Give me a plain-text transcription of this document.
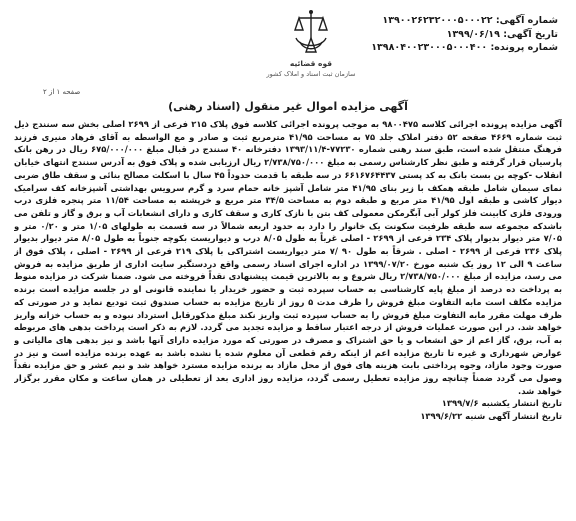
شماره آگهی: ۱۳۹۰۰۲۶۲۳۲۰۰۰۵۰۰۰۲۲
تاریخ آگهی: ۱۳۹۹/۰۶/۱۹
شماره پرونده: ۱۳۹۸۰۴۰۰۲۳۰۰۰۵۰۰۰۴۰۰
قوه قضائیه
سازمان ثبت اسناد و املاک کشور
صفحه ۱ از ۲
آگهی مزایده اموال غیر منقول (اسناد رهنی)

آگهی مزایده پرونده اجرائی کلاسه ۹۸۰۰۴۷۵ به موجب پرونده اجرائی کلاسه فوق پلاک ۲۱۵ فرعی از ۲۶۹۹ اصلی بخش سه سنندج ذیل ثبت شماره ۴۶۶۹ صفحه ۵۲ دفتر املاک جلد ۷۵ به مساحت ۴۱/۹۵ مترمربع ثبت و صادر و مع الواسطه به آقای فرهاد منیری فرزند فرهنگ منتقل شده است، طبق سند رهنی شماره ۷۷۲۳۰-۱۳۹۳/۱۱/۴ دفترخانه ۴۰ سنندج در قبال مبلغ ۶۷۵/۰۰۰/۰۰۰ ریال در رهن بانک پارسیان قرار گرفته و طبق نظر کارشناس رسمی به مبلغ ۲/۷۳۸/۷۵۰/۰۰۰ ریال ارزیابی شده و پلاک فوق به آدرس سنندج انتهای خیابان انقلاب -کوچه بن بست بانک به کد پستی ۶۶۱۶۷۶۴۴۳۷ در سه طبقه با قدمت حدوداً ۴۵ سال با اسکلت مصالح بنائی و سقف طاق ضربی نمای سیمان شامل طبقه همکف با زیر بنای ۴۱/۹۵ متر شامل آشپز خانه حمام سرد و گرم سرویس بهداشتی آشپزخانه کف سرامیک دیوار کاشی و طبقه اول ۴۱/۹۵ متر مربع و طبقه دوم به مساحت ۳۴/۵ متر مربع و خرپشته به مساحت ۱۱/۵۴ متر پنجره فلزی درب ورودی فلزی کابینت فلز کولر آبی آبگرمکن معمولی کف بتن با نازک کاری و سقف کاری و دارای انشعابات آب و برق و گاز و تلفن می باشدکه مجموعه سه طبقه ظرفیت سکونت یک خانوار را دارد به حدود اربعه شمالاً در سه قسمت به طولهای ۱/۰۵ متر و ۰/۲۰ متر و ۷/۰۵ متر دیوار بدیوار پلاک ۲۳۴ فرعی از ۲۶۹۹ - اصلی غرباً به طول ۸/۰۵ درب و دیواریست بکوچه جنوباً به طول ۸/۰۵ متر دیوار بدیوار پلاک ۲۳۶ فرعی از ۲۶۹۹ - اصلی . شرقاً به طول ۹۰ /۷ متر دیواریست اشتراکی با پلاک ۲۱۹ فرعی از ۲۶۹۹ - اصلی ، پلاک فوق از ساعت ۹ الی ۱۲ روز یک شنبه مورخ ۱۳۹۹/۰۷/۲۰ در اداره اجرای اسناد رسمی واقع دردستگیر سایت اداری از طریق مزایده به فروش می رسد، مزایده از مبلغ ۲/۷۳۸/۷۵۰/۰۰۰ ریال شروع و به بالاترین قیمت پیشنهادی نقداً فروخته می شود. ضمنا شرکت در مزایده منوط به پرداخت ده درصد از مبلغ پایه کارشناسی به حساب سپرده ثبت و حضور خریدار یا نماینده قانونی او در جلسه مزایده است برنده مزایده مکلف است مابه التفاوت مبلغ فروش را ظرف مدت ۵ روز از تاریخ مزایده به حساب صندوق ثبت تودیع نماید و در صورتی که ظرف مهلت مقرر مابه التفاوت مبلغ فروش را به حساب سپرده ثبت واریز نکند مبلغ مذکورقابل استرداد نبوده و به حساب خزانه واریز خواهد شد. در این صورت عملیات فروش از درجه اعتبار ساقط و مزایده تجدید می گردد. لازم به ذکر است پرداخت بدهی های مربوطه به آب، برق، گاز اعم از حق انشعاب و یا حق اشتراک و مصرف در صورتی که مورد مزایده دارای آنها باشد و نیز بدهی های مالیاتی و عوارض شهرداری و غیره تا تاریخ مزایده اعم از اینکه رقم قطعی آن معلوم شده یا نشده باشد به عهده برنده مزایده است و نیز در صورت وجود مازاد، وجوه پرداختی بابت هزینه های فوق از محل مازاد به برنده مزایده مسترد خواهد شد و نیم عشر و حق مزایده نقداً وصول می گردد ضمناً چنانچه روز مزایده تعطیل رسمی گردد، مزایده روز اداری بعد از تعطیلی در همان ساعت و مکان مقرر برگزار خواهد شد.

تاریخ انتشار یکشنبه ۱۳۹۹/۷/۶
تاریخ انتشار آگهی شنبه ۱۳۹۹/۶/۲۲
